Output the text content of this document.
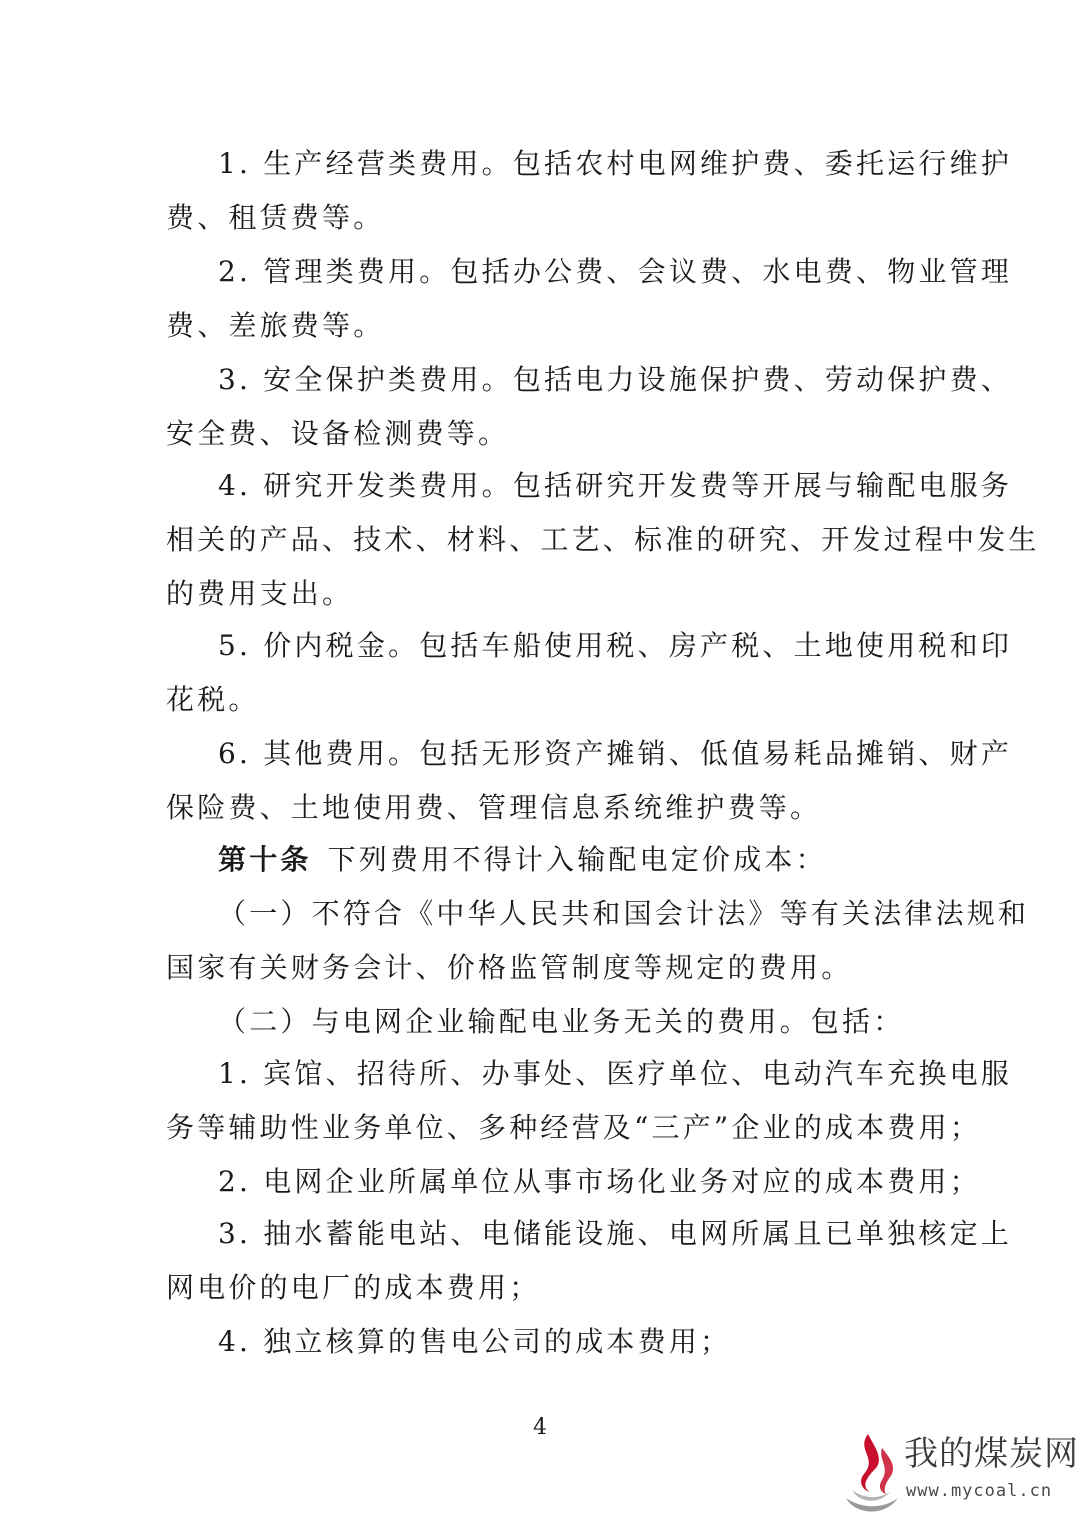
1. 生产经营类费用。包括农村电网维护费、委托运行维护
费、租赁费等。
2. 管理类费用。包括办公费、会议费、水电费、物业管理
费、差旅费等。
3. 安全保护类费用。包括电力设施保护费、劳动保护费、
安全费、设备检测费等。
4. 研究开发类费用。包括研究开发费等开展与输配电服务
相关的产品、技术、材料、工艺、标准的研究、开发过程中发生
的费用支出。
5. 价内税金。包括车船使用税、房产税、土地使用税和印
花税。
6. 其他费用。包括无形资产摊销、低值易耗品摊销、财产
保险费、土地使用费、管理信息系统维护费等。
第十条 下列费用不得计入输配电定价成本：
（一）不符合《中华人民共和国会计法》等有关法律法规和
国家有关财务会计、价格监管制度等规定的费用。
（二）与电网企业输配电业务无关的费用。包括：
1. 宾馆、招待所、办事处、医疗单位、电动汽车充换电服
务等辅助性业务单位、多种经营及“三产”企业的成本费用；
2. 电网企业所属单位从事市场化业务对应的成本费用；
3. 抽水蓄能电站、电储能设施、电网所属且已单独核定上
网电价的电厂的成本费用；
4. 独立核算的售电公司的成本费用；
4
我的煤炭网
www.mycoal.cn
